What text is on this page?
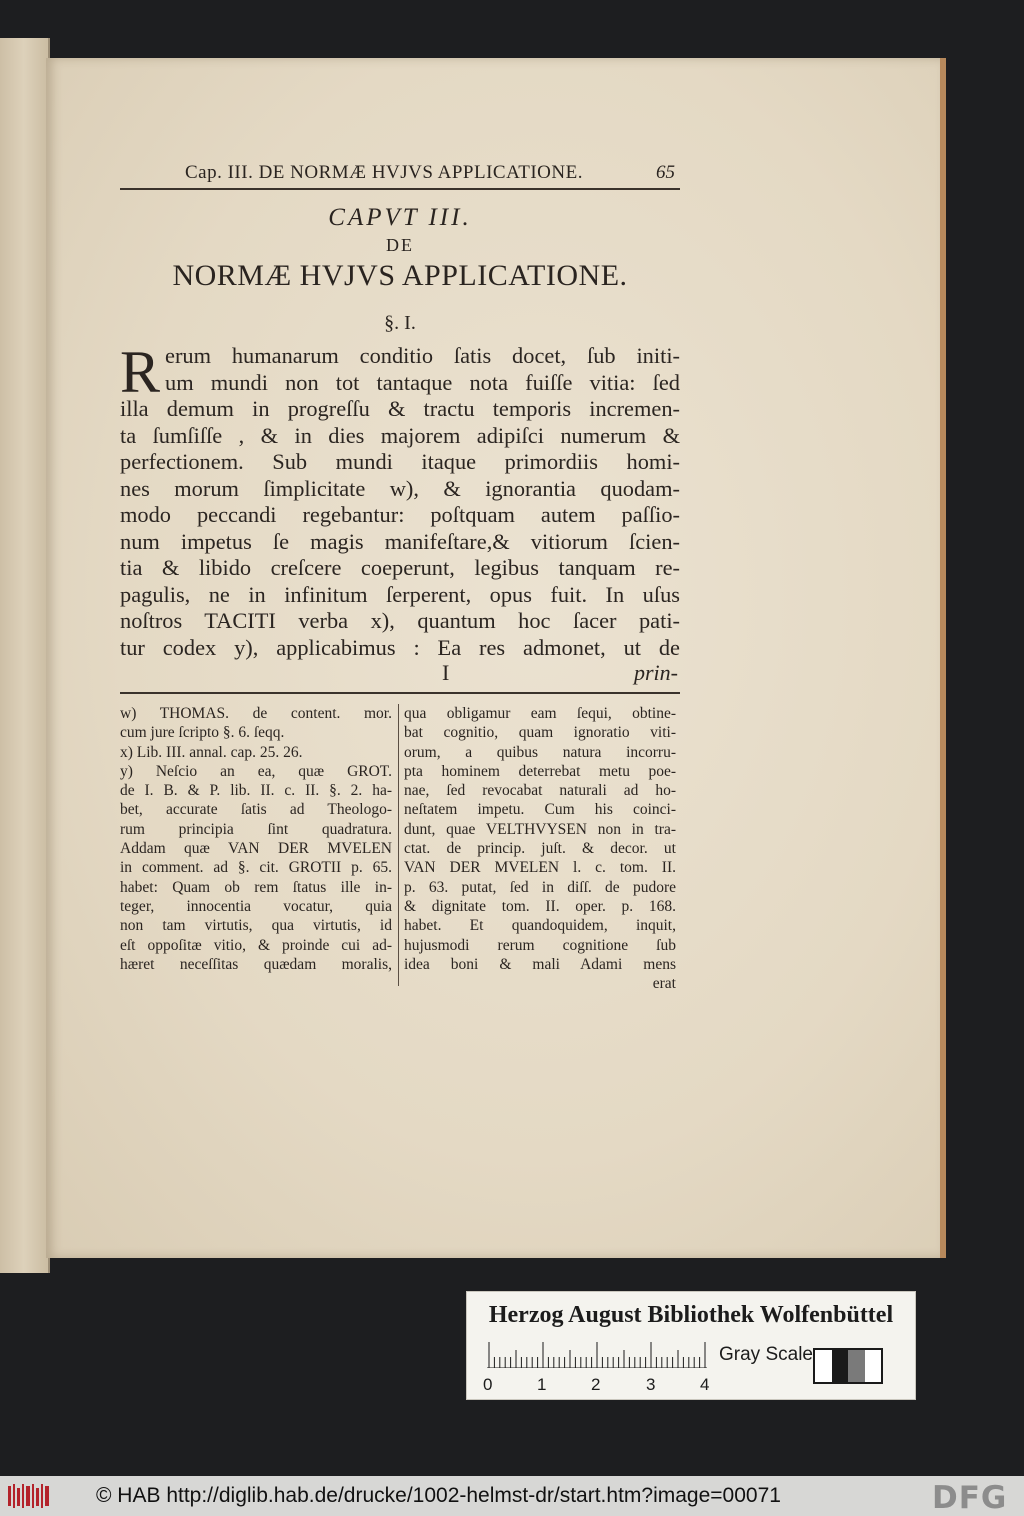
Cap. III. DE NORMÆ HVJVS APPLICATIONE.	65
CAPVT III.
DE
NORMÆ HVJVS APPLICATIONE.
§. I.
R erum humanarum conditio ſatis docet, ſub initi-
um mundi non tot tantaque nota fuiſſe vitia: ſed
illa demum in progreſſu & tractu temporis incremen-
ta ſumſiſſe , & in dies majorem adipiſci numerum &
perfectionem. Sub mundi itaque primordiis homi-
nes morum ſimplicitate w), & ignorantia quodam-
modo peccandi regebantur: poſtquam autem paſſio-
num impetus ſe magis manifeſtare,& vitiorum ſcien-
tia & libido creſcere coeperunt, legibus tanquam re-
pagulis, ne in infinitum ſerperent, opus fuit. In uſus
noſtros TACITI verba x), quantum hoc ſacer pati-
tur codex y), applicabimus : Ea res admonet, ut de
I	prin-
w) THOMAS. de content. mor.
cum jure ſcripto §. 6. ſeqq.
x) Lib. III. annal. cap. 25. 26.
y) Neſcio an ea, quæ GROT.
de I. B. & P. lib. II. c. II. §. 2. ha-
bet, accurate ſatis ad Theologo-
rum principia ſint quadratura.
Addam quæ VAN DER MVELEN
in comment. ad §. cit. GROTII p. 65.
habet: Quam ob rem ſtatus ille in-
teger, innocentia vocatur, quia
non tam virtutis, qua virtutis, id
eſt oppoſitæ vitio, & proinde cui ad-
hæret neceſſitas quædam moralis,
qua obligamur eam ſequi, obtine-
bat cognitio, quam ignoratio viti-
orum, a quibus natura incorru-
pta hominem deterrebat metu poe-
nae, ſed revocabat naturali ad ho-
neſtatem impetu. Cum his coinci-
dunt, quae VELTHVYSEN non in tra-
ctat. de princip. juſt. & decor. ut
VAN DER MVELEN l. c. tom. II.
p. 63. putat, ſed in diſſ. de pudore
& dignitate tom. II. oper. p. 168.
habet. Et quandoquidem, inquit,
hujusmodi rerum cognitione ſub
idea boni & mali Adami mens
erat
Herzog August Bibliothek Wolfenbüttel
Gray Scale
0	1	2	3	4
© HAB http://diglib.hab.de/drucke/1002-helmst-dr/start.htm?image=00071	DFG
